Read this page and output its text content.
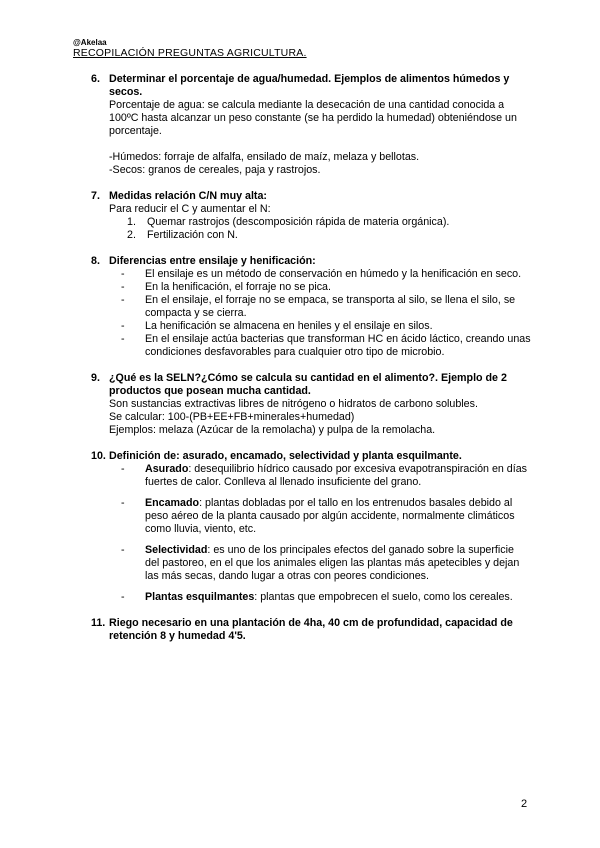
@Akelaa
RECOPILACIÓN PREGUNTAS AGRICULTURA.
6. Determinar el porcentaje de agua/humedad. Ejemplos de alimentos húmedos y secos.

Porcentaje de agua: se calcula mediante la desecación de una cantidad conocida a 100ºC hasta alcanzar un peso constante (se ha perdido la humedad) obteniéndose un porcentaje.

-Húmedos: forraje de alfalfa, ensilado de maíz, melaza y bellotas.

-Secos: granos de cereales, paja y rastrojos.

7. Medidas relación C/N muy alta:

Para reducir el C y aumentar el N:

1. Quemar rastrojos (descomposición rápida de materia orgánica).
2. Fertilización con N.
8. Diferencias entre ensilaje y henificación:
- El ensilaje es un método de conservación en húmedo y la henificación en seco.
- En la henificación, el forraje no se pica.
- En el ensilaje, el forraje no se empaca, se transporta al silo, se llena el silo, se compacta y se cierra.
- La henificación se almacena en heniles y el ensilaje en silos.
- En el ensilaje actúa bacterias que transforman HC en ácido láctico, creando unas condiciones desfavorables para cualquier otro tipo de microbio.
9. ¿Qué es la SELN?¿Cómo se calcula su cantidad en el alimento?. Ejemplo de 2 productos que posean mucha cantidad.

Son sustancias extractivas libres de nitrógeno o hidratos de carbono solubles.

Se calcular: 100-(PB+EE+FB+minerales+humedad)

Ejemplos: melaza (Azúcar de la remolacha) y pulpa de la remolacha.

10. Definición de: asurado, encamado, selectividad y planta esquilmante.
- Asurado: desequilibrio hídrico causado por excesiva evapotranspiración en días fuertes de calor. Conlleva al llenado insuficiente del grano.
- Encamado: plantas dobladas por el tallo en los entrenudos basales debido al peso aéreo de la planta causado por algún accidente, normalmente climáticos como lluvia, viento, etc.
- Selectividad: es uno de los principales efectos del ganado sobre la superficie del pastoreo, en el que los animales eligen las plantas más apetecibles y dejan las más secas, dando lugar a otras con peores condiciones.
- Plantas esquilmantes: plantas que empobrecen el suelo, como los cereales.
11. Riego necesario en una plantación de 4ha, 40 cm de profundidad, capacidad de retención 8 y humedad 4'5.
2
